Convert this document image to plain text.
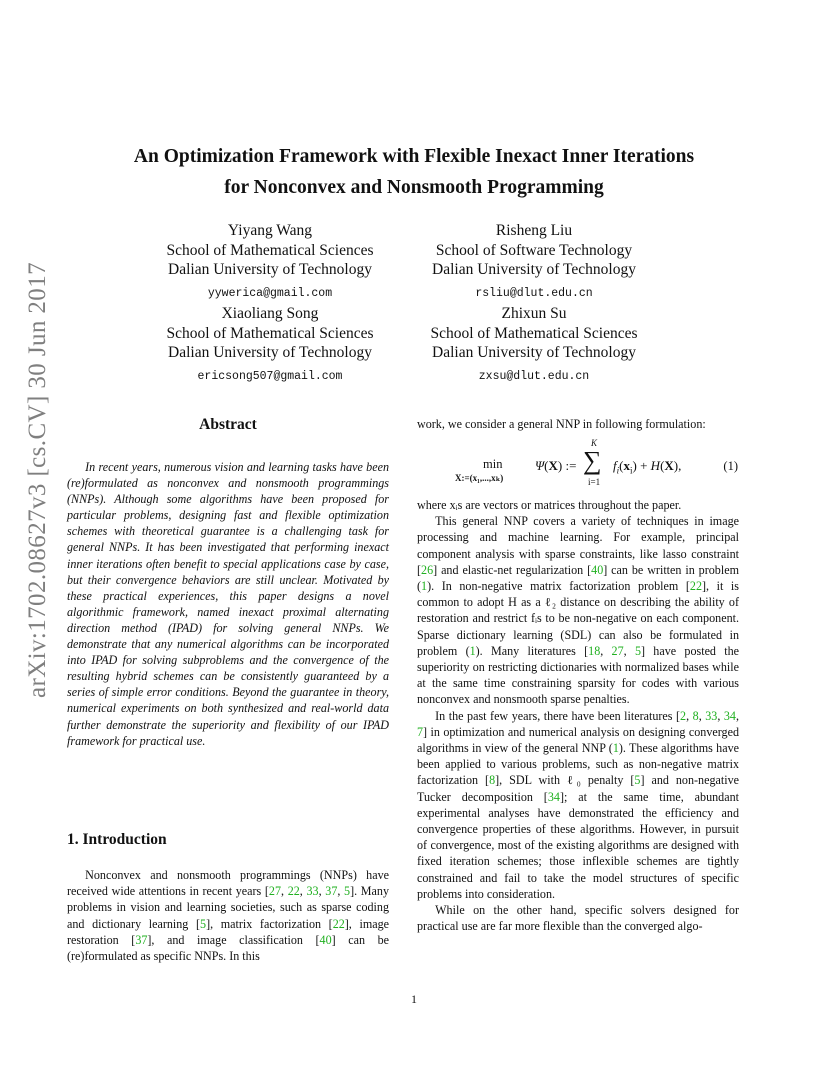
arXiv:1702.08627v3 [cs.CV] 30 Jun 2017
An Optimization Framework with Flexible Inexact Inner Iterations
for Nonconvex and Nonsmooth Programming
Yiyang Wang
School of Mathematical Sciences
Dalian University of Technology
yywerica@gmail.com
Risheng Liu
School of Software Technology
Dalian University of Technology
rsliu@dlut.edu.cn
Xiaoliang Song
School of Mathematical Sciences
Dalian University of Technology
ericsong507@gmail.com
Zhixun Su
School of Mathematical Sciences
Dalian University of Technology
zxsu@dlut.edu.cn
Abstract
In recent years, numerous vision and learning tasks have been (re)formulated as nonconvex and nonsmooth programmings (NNPs). Although some algorithms have been proposed for particular problems, designing fast and flexible optimization schemes with theoretical guarantee is a challenging task for general NNPs. It has been investigated that performing inexact inner iterations often benefit to special applications case by case, but their convergence behaviors are still unclear. Motivated by these practical experiences, this paper designs a novel algorithmic framework, named inexact proximal alternating direction method (IPAD) for solving general NNPs. We demonstrate that any numerical algorithms can be incorporated into IPAD for solving subproblems and the convergence of the resulting hybrid schemes can be consistently guaranteed by a series of simple error conditions. Beyond the guarantee in theory, numerical experiments on both synthesized and real-world data further demonstrate the superiority and flexibility of our IPAD framework for practical use.
1. Introduction

Nonconvex and nonsmooth programmings (NNPs) have received wide attentions in recent years [27, 22, 33, 37, 5]. Many problems in vision and learning societies, such as sparse coding and dictionary learning [5], matrix factorization [22], image restoration [37], and image classification [40] can be (re)formulated as specific NNPs. In this

work, we consider a general NNP in following formulation:

min
X:=(x₁,...,xₖ)
Ψ(X) :=
K
∑
i=1
$f_i(x_i) + H(X)$,	(1)

where xᵢs are vectors or matrices throughout the paper.

This general NNP covers a variety of techniques in image processing and machine learning. For example, principal component analysis with sparse constraints, like lasso constraint [26] and elastic-net regularization [40] can be written in problem (1). In non-negative matrix factorization problem [22], it is common to adopt H as a ℓ₂ distance on describing the ability of restoration and restrict fᵢs to be non-negative on each component. Sparse dictionary learning (SDL) can also be formulated in problem (1). Many literatures [18, 27, 5] have posted the superiority on restricting dictionaries with normalized bases while at the same time constraining sparsity for codes with various nonconvex and nonsmooth sparse penalties.

In the past few years, there have been literatures [2, 8, 33, 34, 7] in optimization and numerical analysis on designing converged algorithms in view of the general NNP (1). These algorithms have been applied to various problems, such as non-negative matrix factorization [8], SDL with ℓ₀ penalty [5] and non-negative Tucker decomposition [34]; at the same time, abundant experimental analyses have demonstrated the efficiency and convergence properties of these algorithms. However, in pursuit of convergence, most of the existing algorithms are designed with fixed iteration schemes; those inflexible schemes are tightly constrained and fail to take the model structures of specific problems into consideration.

While on the other hand, specific solvers designed for practical use are far more flexible than the converged algo-

1
